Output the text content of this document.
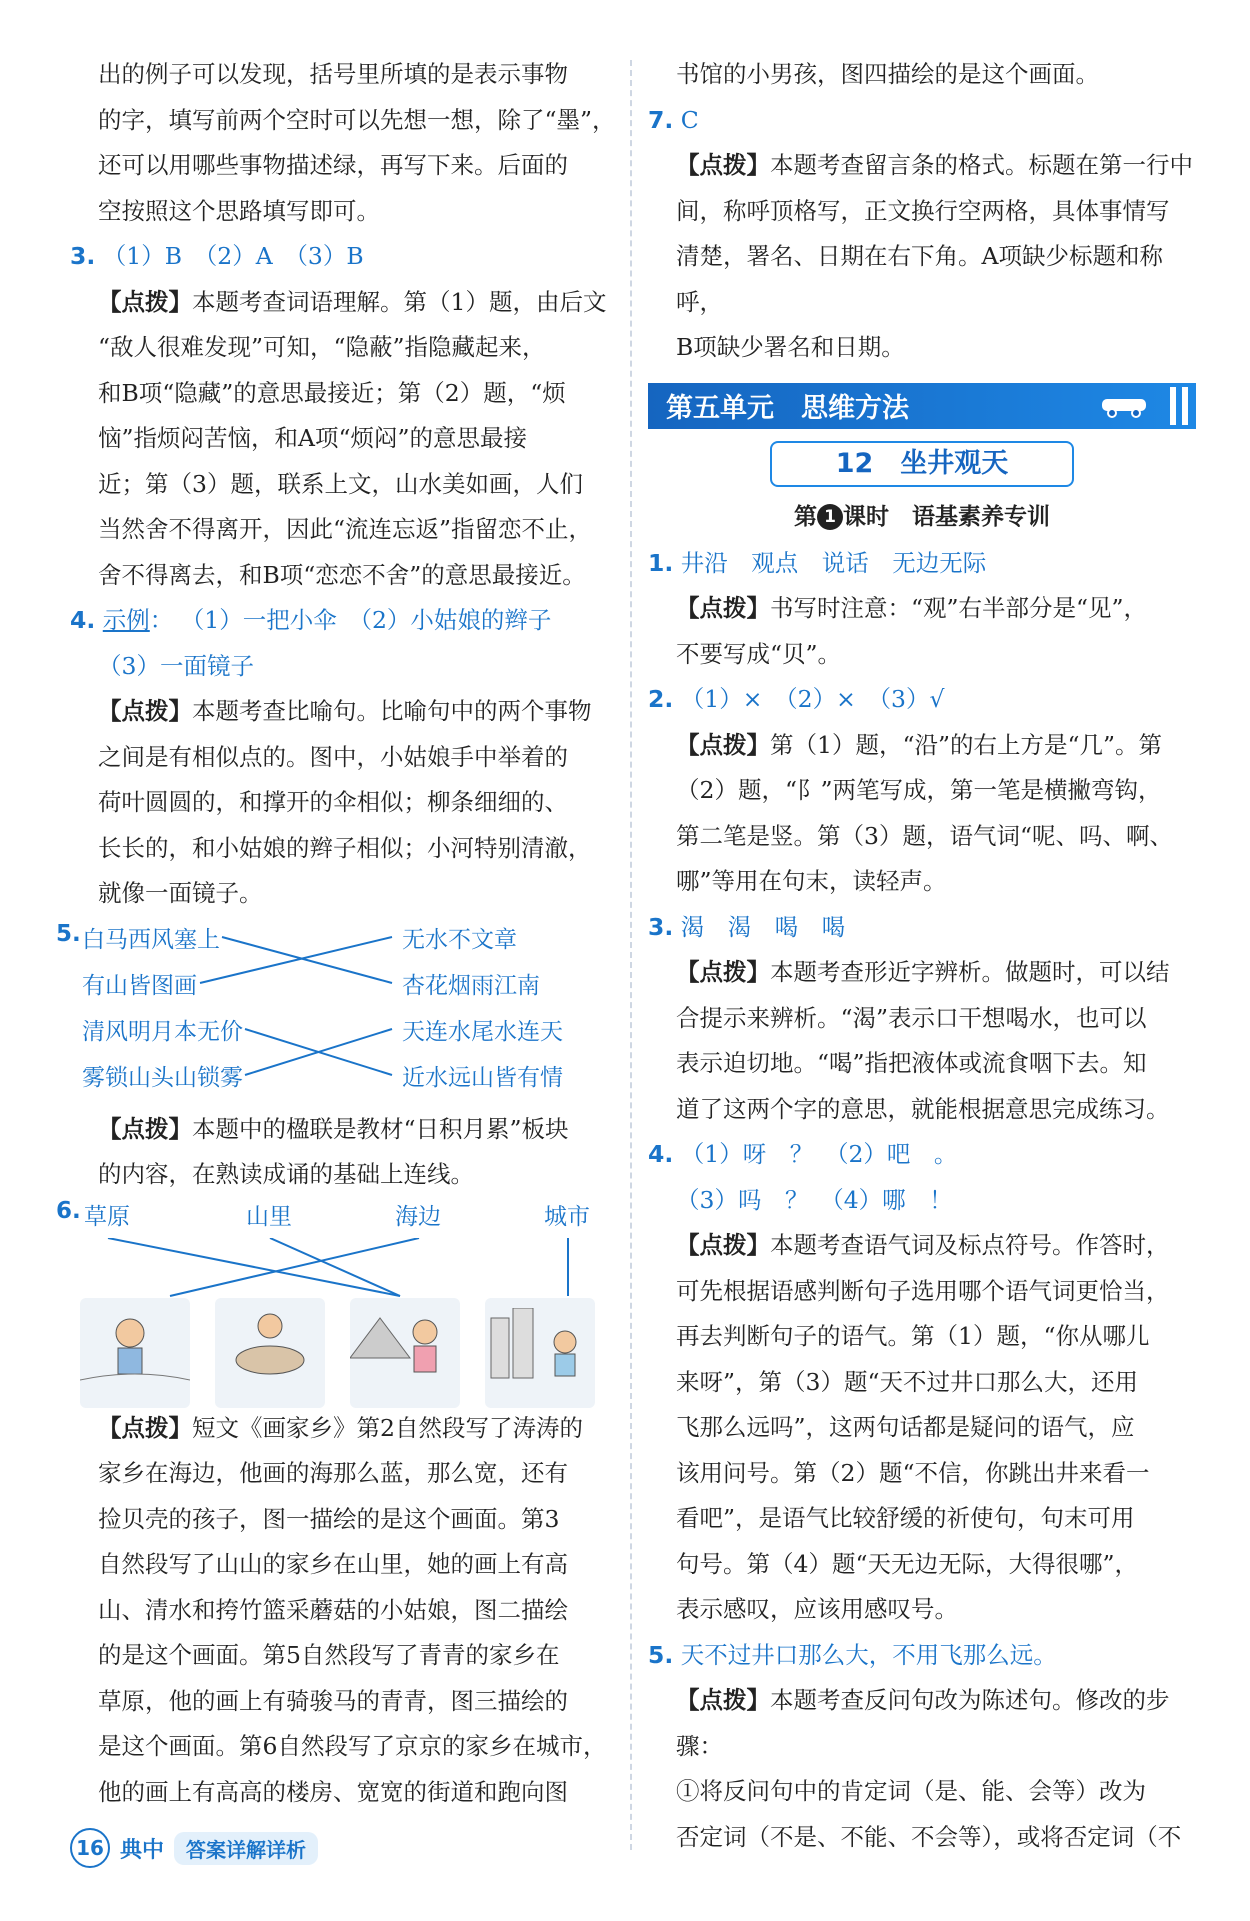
出的例子可以发现，括号里所填的是表示事物

的字，填写前两个空时可以先想一想，除了“墨”，

还可以用哪些事物描述绿，再写下来。后面的

空按照这个思路填写即可。

3. （1）B　（2）A　（3）B

【点拨】本题考查词语理解。第（1）题，由后文

“敌人很难发现”可知，“隐蔽”指隐藏起来，

和B项“隐藏”的意思最接近；第（2）题，“烦

恼”指烦闷苦恼，和A项“烦闷”的意思最接

近；第（3）题，联系上文，山水美如画，人们

当然舍不得离开，因此“流连忘返”指留恋不止，

舍不得离去，和B项“恋恋不舍”的意思最接近。

4. 示例： （1）一把小伞　（2）小姑娘的辫子

（3）一面镜子

【点拨】本题考查比喻句。比喻句中的两个事物

之间是有相似点的。图中，小姑娘手中举着的

荷叶圆圆的，和撑开的伞相似；柳条细细的、

长长的，和小姑娘的辫子相似；小河特别清澈，

就像一面镜子。

5. 白马西风塞上
有山皆图画
清风明月本无价
雾锁山头山锁雾
无水不文章
杏花烟雨江南
天连水尾水连天
近水远山皆有情

【点拨】本题中的楹联是教材“日积月累”板块

的内容，在熟读成诵的基础上连线。

6. 草原	山里	海边	城市

【点拨】短文《画家乡》第2自然段写了涛涛的

家乡在海边，他画的海那么蓝，那么宽，还有

捡贝壳的孩子，图一描绘的是这个画面。第3

自然段写了山山的家乡在山里，她的画上有高

山、清水和挎竹篮采蘑菇的小姑娘，图二描绘

的是这个画面。第5自然段写了青青的家乡在

草原，他的画上有骑骏马的青青，图三描绘的

是这个画面。第6自然段写了京京的家乡在城市，

他的画上有高高的楼房、宽宽的街道和跑向图

书馆的小男孩，图四描绘的是这个画面。

7. C

【点拨】本题考查留言条的格式。标题在第一行中

间，称呼顶格写，正文换行空两格，具体事情写

清楚，署名、日期在右下角。A项缺少标题和称呼，

B项缺少署名和日期。

第五单元　思维方法
12　坐井观天
第 1 课时　语基素养专训

1. 井沿　观点　说话　无边无际

【点拨】书写时注意：“观”右半部分是“见”，

不要写成“贝”。

2. （1）×　（2）×　（3）√

【点拨】第（1）题，“沿”的右上方是“几”。第

（2）题，“阝”两笔写成，第一笔是横撇弯钩，

第二笔是竖。第（3）题，语气词“呢、吗、啊、

哪”等用在句末，读轻声。

3. 渴　渴　喝　喝

【点拨】本题考查形近字辨析。做题时，可以结

合提示来辨析。“渴”表示口干想喝水，也可以

表示迫切地。“喝”指把液体或流食咽下去。知

道了这两个字的意思，就能根据意思完成练习。

4. （1）呀　？　（2）吧　。

（3）吗　？　（4）哪　！

【点拨】本题考查语气词及标点符号。作答时，

可先根据语感判断句子选用哪个语气词更恰当，

再去判断句子的语气。第（1）题，“你从哪儿

来呀”，第（3）题“天不过井口那么大，还用

飞那么远吗”，这两句话都是疑问的语气，应

该用问号。第（2）题“不信，你跳出井来看一

看吧”，是语气比较舒缓的祈使句，句末可用

句号。第（4）题“天无边无际，大得很哪”，

表示感叹，应该用感叹号。

5. 天不过井口那么大，不用飞那么远。

【点拨】本题考查反问句改为陈述句。修改的步骤：

①将反问句中的肯定词（是、能、会等）改为

否定词（不是、不能、不会等），或将否定词（不

16 典中	答案详解详析
